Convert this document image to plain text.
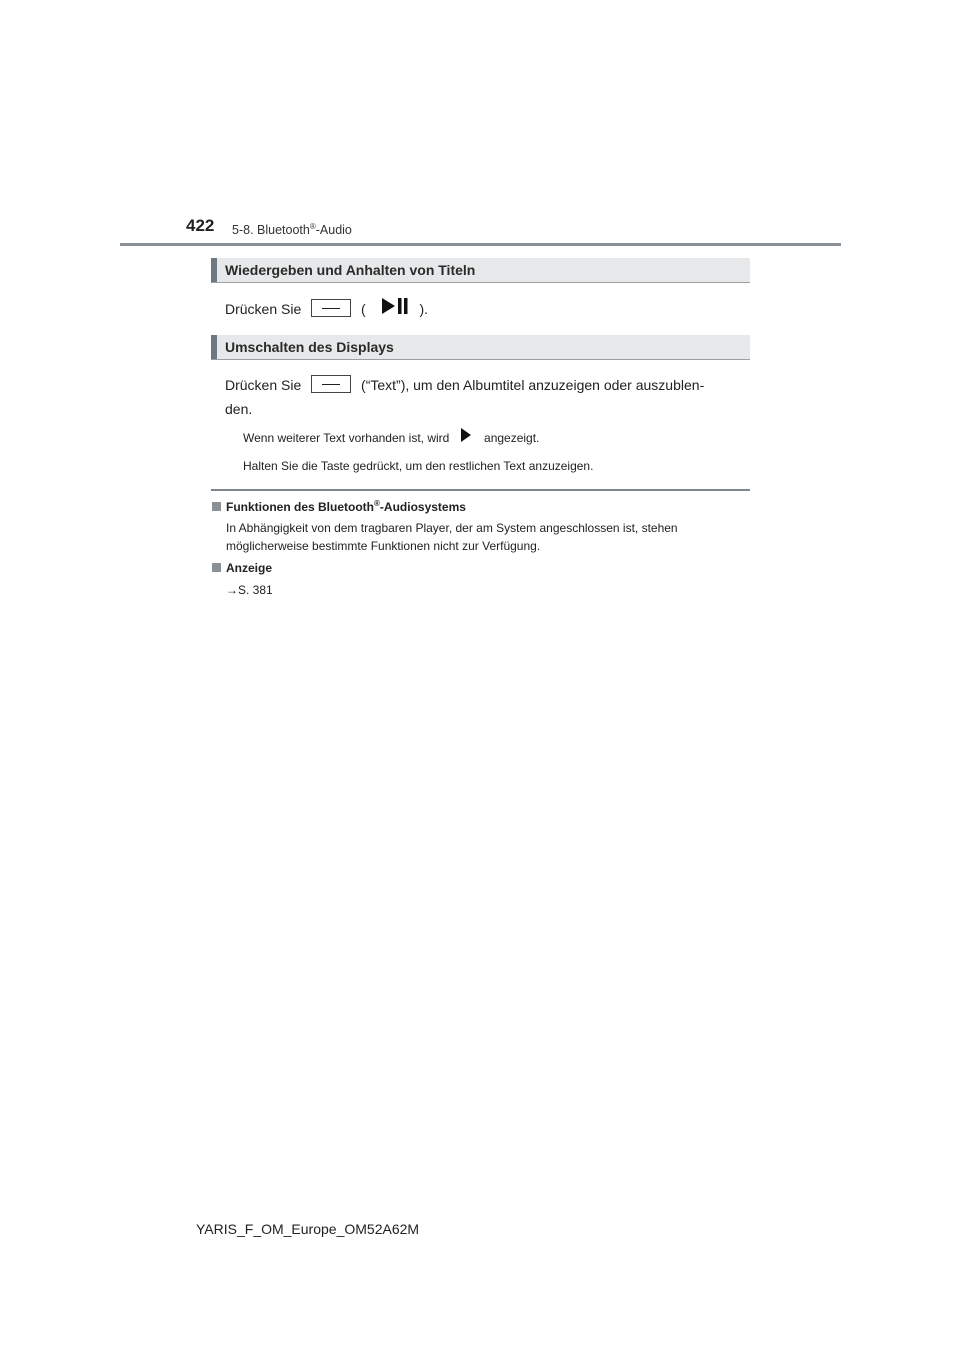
422 5-8. Bluetooth®-Audio
Wiedergeben und Anhalten von Titeln
Drücken Sie	(	).
Umschalten des Displays
Drücken Sie	(“Text”), um den Albumtitel anzuzeigen oder auszublen-
den.
Wenn weiterer Text vorhanden ist, wird	angezeigt.
Halten Sie die Taste gedrückt, um den restlichen Text anzuzeigen.
Funktionen des Bluetooth®-Audiosystems
In Abhängigkeit von dem tragbaren Player, der am System angeschlossen ist, stehen
möglicherweise bestimmte Funktionen nicht zur Verfügung.
Anzeige
→S. 381
YARIS_F_OM_Europe_OM52A62M
